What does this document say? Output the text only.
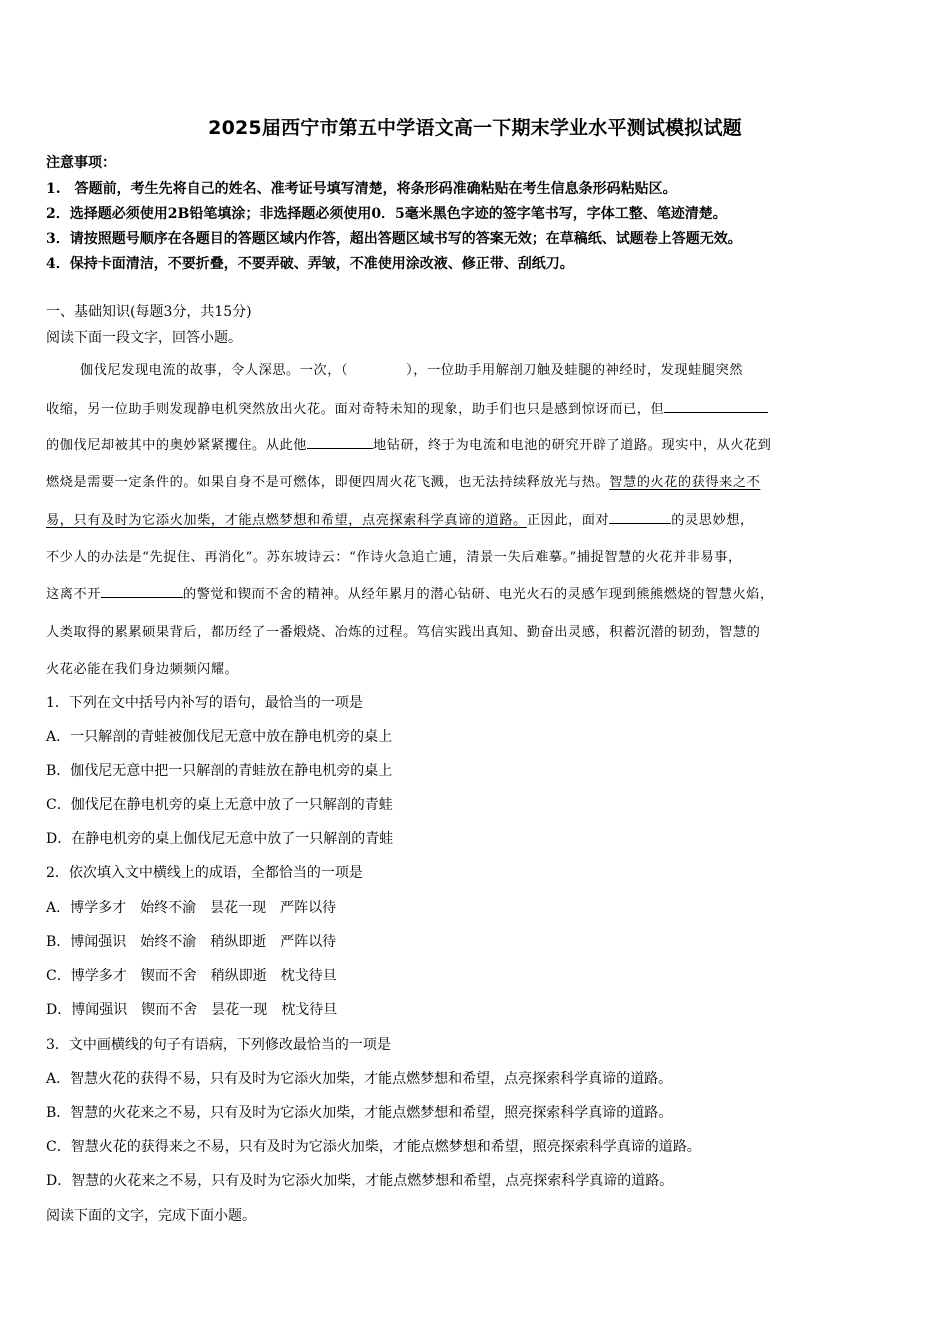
2025届西宁市第五中学语文高一下期末学业水平测试模拟试题
注意事项：
1.　答题前，考生先将自己的姓名、准考证号填写清楚，将条形码准确粘贴在考生信息条形码粘贴区。
2．选择题必须使用2B铅笔填涂；非选择题必须使用0．5毫米黑色字迹的签字笔书写，字体工整、笔迹清楚。
3．请按照题号顺序在各题目的答题区域内作答，超出答题区域书写的答案无效；在草稿纸、试题卷上答题无效。
4．保持卡面清洁，不要折叠，不要弄破、弄皱，不准使用涂改液、修正带、刮纸刀。
一、基础知识(每题3分，共15分)
阅读下面一段文字，回答小题。
伽伐尼发现电流的故事，令人深思。一次，（	），一位助手用解剖刀触及蛙腿的神经时，发现蛙腿突然
收缩，另一位助手则发现静电机突然放出火花。面对奇特未知的现象，助手们也只是感到惊讶而已，但
的伽伐尼却被其中的奥妙紧紧攫住。从此他	地钻研，终于为电流和电池的研究开辟了道路。现实中，从火花到
燃烧是需要一定条件的。如果自身不是可燃体，即便四周火花飞溅，也无法持续释放光与热。智慧的火花的获得来之不
易，只有及时为它添火加柴，才能点燃梦想和希望，点亮探索科学真谛的道路。正因此，面对	的灵思妙想，
不少人的办法是“先捉住、再消化”。苏东坡诗云：“作诗火急追亡逋，清景一失后难摹。”捕捉智慧的火花并非易事，
这离不开	的警觉和锲而不舍的精神。从经年累月的潜心钻研、电光火石的灵感乍现到熊熊燃烧的智慧火焰，
人类取得的累累硕果背后，都历经了一番煅烧、冶炼的过程。笃信实践出真知、勤奋出灵感，积蓄沉潜的韧劲，智慧的
火花必能在我们身边频频闪耀。
1．下列在文中括号内补写的语句，最恰当的一项是
A．一只解剖的青蛙被伽伐尼无意中放在静电机旁的桌上
B．伽伐尼无意中把一只解剖的青蛙放在静电机旁的桌上
C．伽伐尼在静电机旁的桌上无意中放了一只解剖的青蛙
D．在静电机旁的桌上伽伐尼无意中放了一只解剖的青蛙
2．依次填入文中横线上的成语，全都恰当的一项是
A．博学多才　始终不渝　昙花一现　严阵以待
B．博闻强识　始终不渝　稍纵即逝　严阵以待
C．博学多才　锲而不舍　稍纵即逝　枕戈待旦
D．博闻强识　锲而不舍　昙花一现　枕戈待旦
3．文中画横线的句子有语病，下列修改最恰当的一项是
A．智慧火花的获得不易，只有及时为它添火加柴，才能点燃梦想和希望，点亮探索科学真谛的道路。
B．智慧的火花来之不易，只有及时为它添火加柴，才能点燃梦想和希望，照亮探索科学真谛的道路。
C．智慧火花的获得来之不易，只有及时为它添火加柴，才能点燃梦想和希望，照亮探索科学真谛的道路。
D．智慧的火花来之不易，只有及时为它添火加柴，才能点燃梦想和希望，点亮探索科学真谛的道路。
阅读下面的文字，完成下面小题。
